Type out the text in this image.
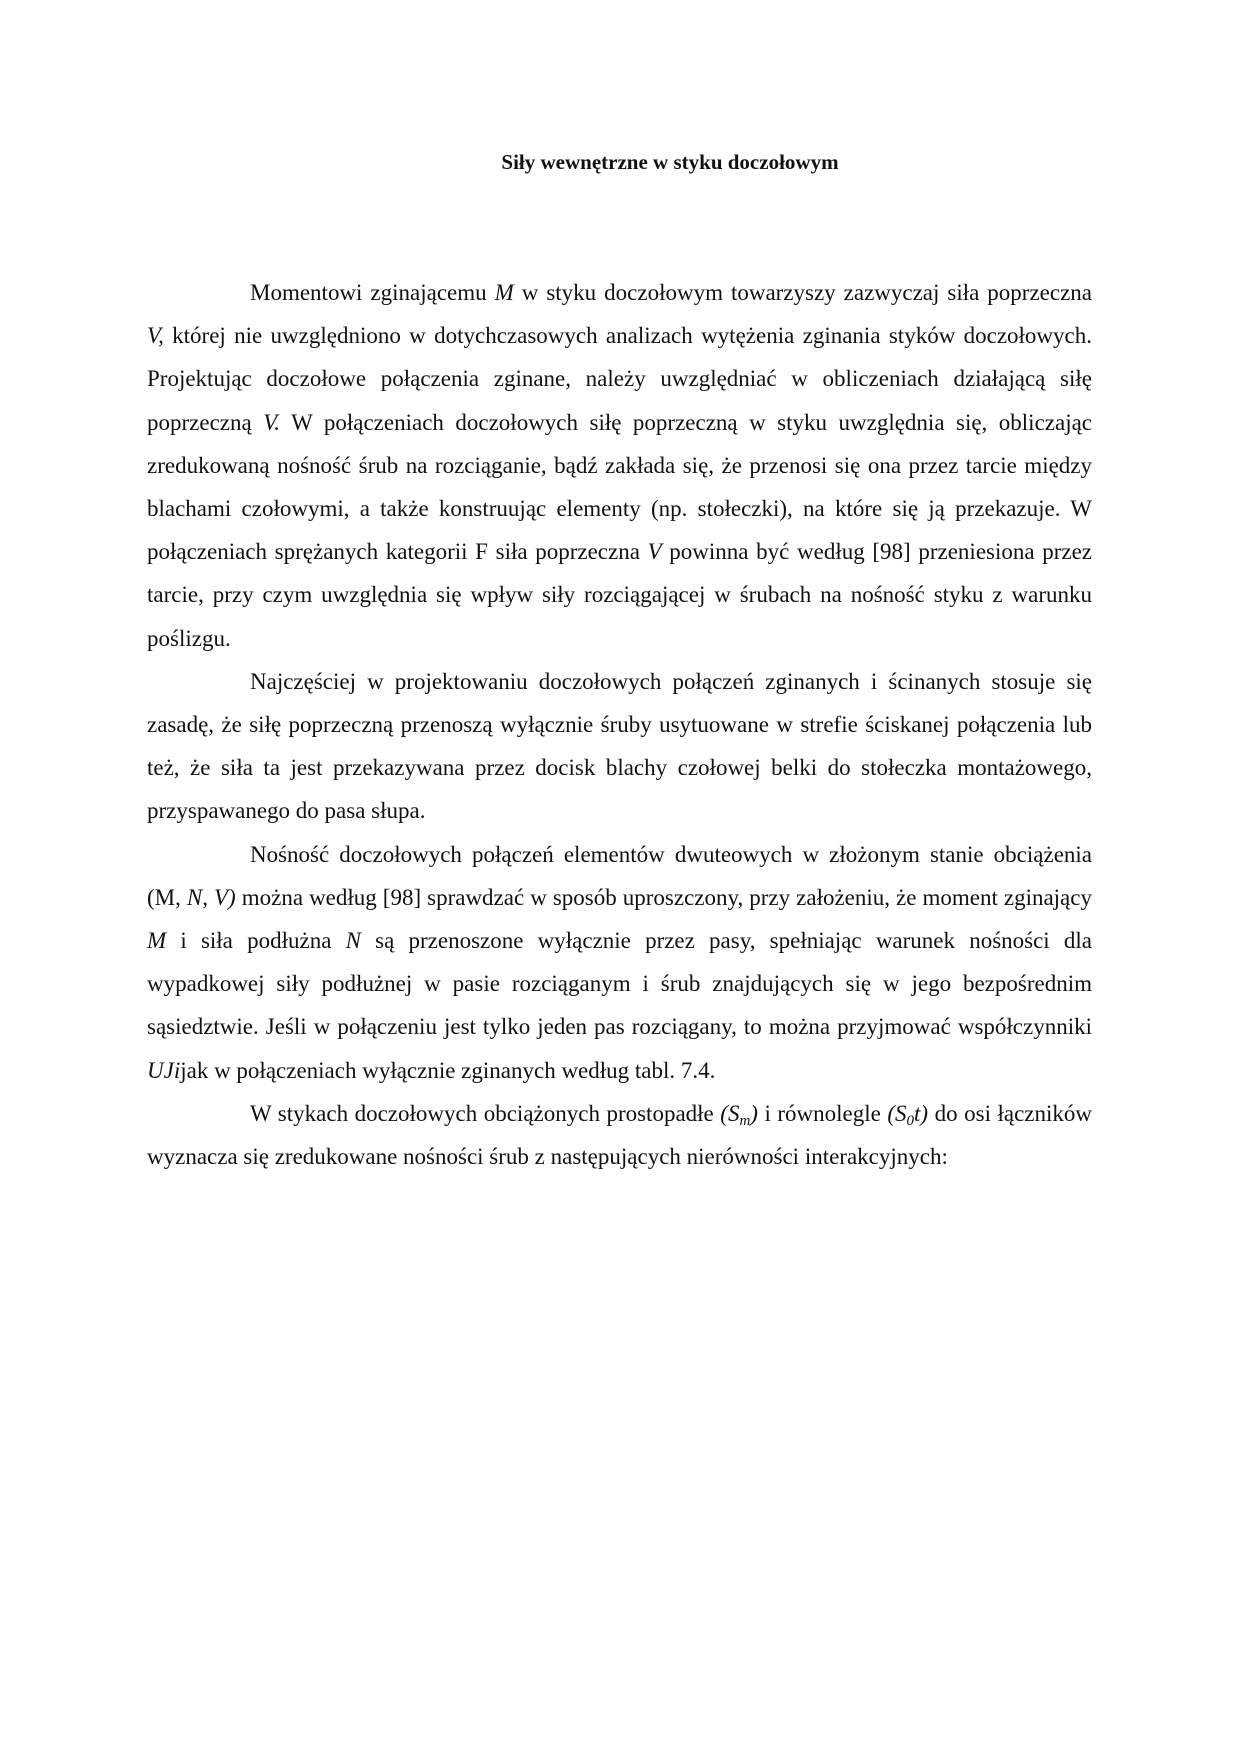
Siły wewnętrzne w styku doczołowym

Momentowi zginającemu M w styku doczołowym towarzyszy zazwyczaj siła poprzeczna V, której nie uwzględniono w dotychczasowych analizach wytężenia zginania styków doczołowych. Projektując doczołowe połączenia zginane, należy uwzględniać w obliczeniach działającą siłę poprzeczną V. W połączeniach doczołowych siłę poprzeczną w styku uwzględnia się, obliczając zredukowaną nośność śrub na rozciąganie, bądź zakłada się, że przenosi się ona przez tarcie między blachami czołowymi, a także konstruując elementy (np. stołeczki), na które się ją przekazuje. W połączeniach sprężanych kategorii F siła poprzeczna V powinna być według [98] przeniesiona przez tarcie, przy czym uwzględnia się wpływ siły rozciągającej w śrubach na nośność styku z warunku poślizgu.

Najczęściej w projektowaniu doczołowych połączeń zginanych i ścinanych stosuje się zasadę, że siłę poprzeczną przenoszą wyłącznie śruby usytuowane w strefie ściskanej połączenia lub też, że siła ta jest przekazywana przez docisk blachy czołowej belki do stołeczka montażowego, przyspawanego do pasa słupa.

Nośność doczołowych połączeń elementów dwuteowych w złożonym stanie obciążenia (M, N, V) można według [98] sprawdzać w sposób uproszczony, przy założeniu, że moment zginający M i siła podłużna N są przenoszone wyłącznie przez pasy, spełniając warunek nośności dla wypadkowej siły podłużnej w pasie rozciąganym i śrub znajdujących się w jego bezpośrednim sąsiedztwie. Jeśli w połączeniu jest tylko jeden pas rozciągany, to można przyjmować współczynniki UJijak w połączeniach wyłącznie zginanych według tabl. 7.4.

W stykach doczołowych obciążonych prostopadłe $(S_m)$ i równolegle $(S_0t)$ do osi łączników wyznacza się zredukowane nośności śrub z następujących nierówności interakcyjnych:
